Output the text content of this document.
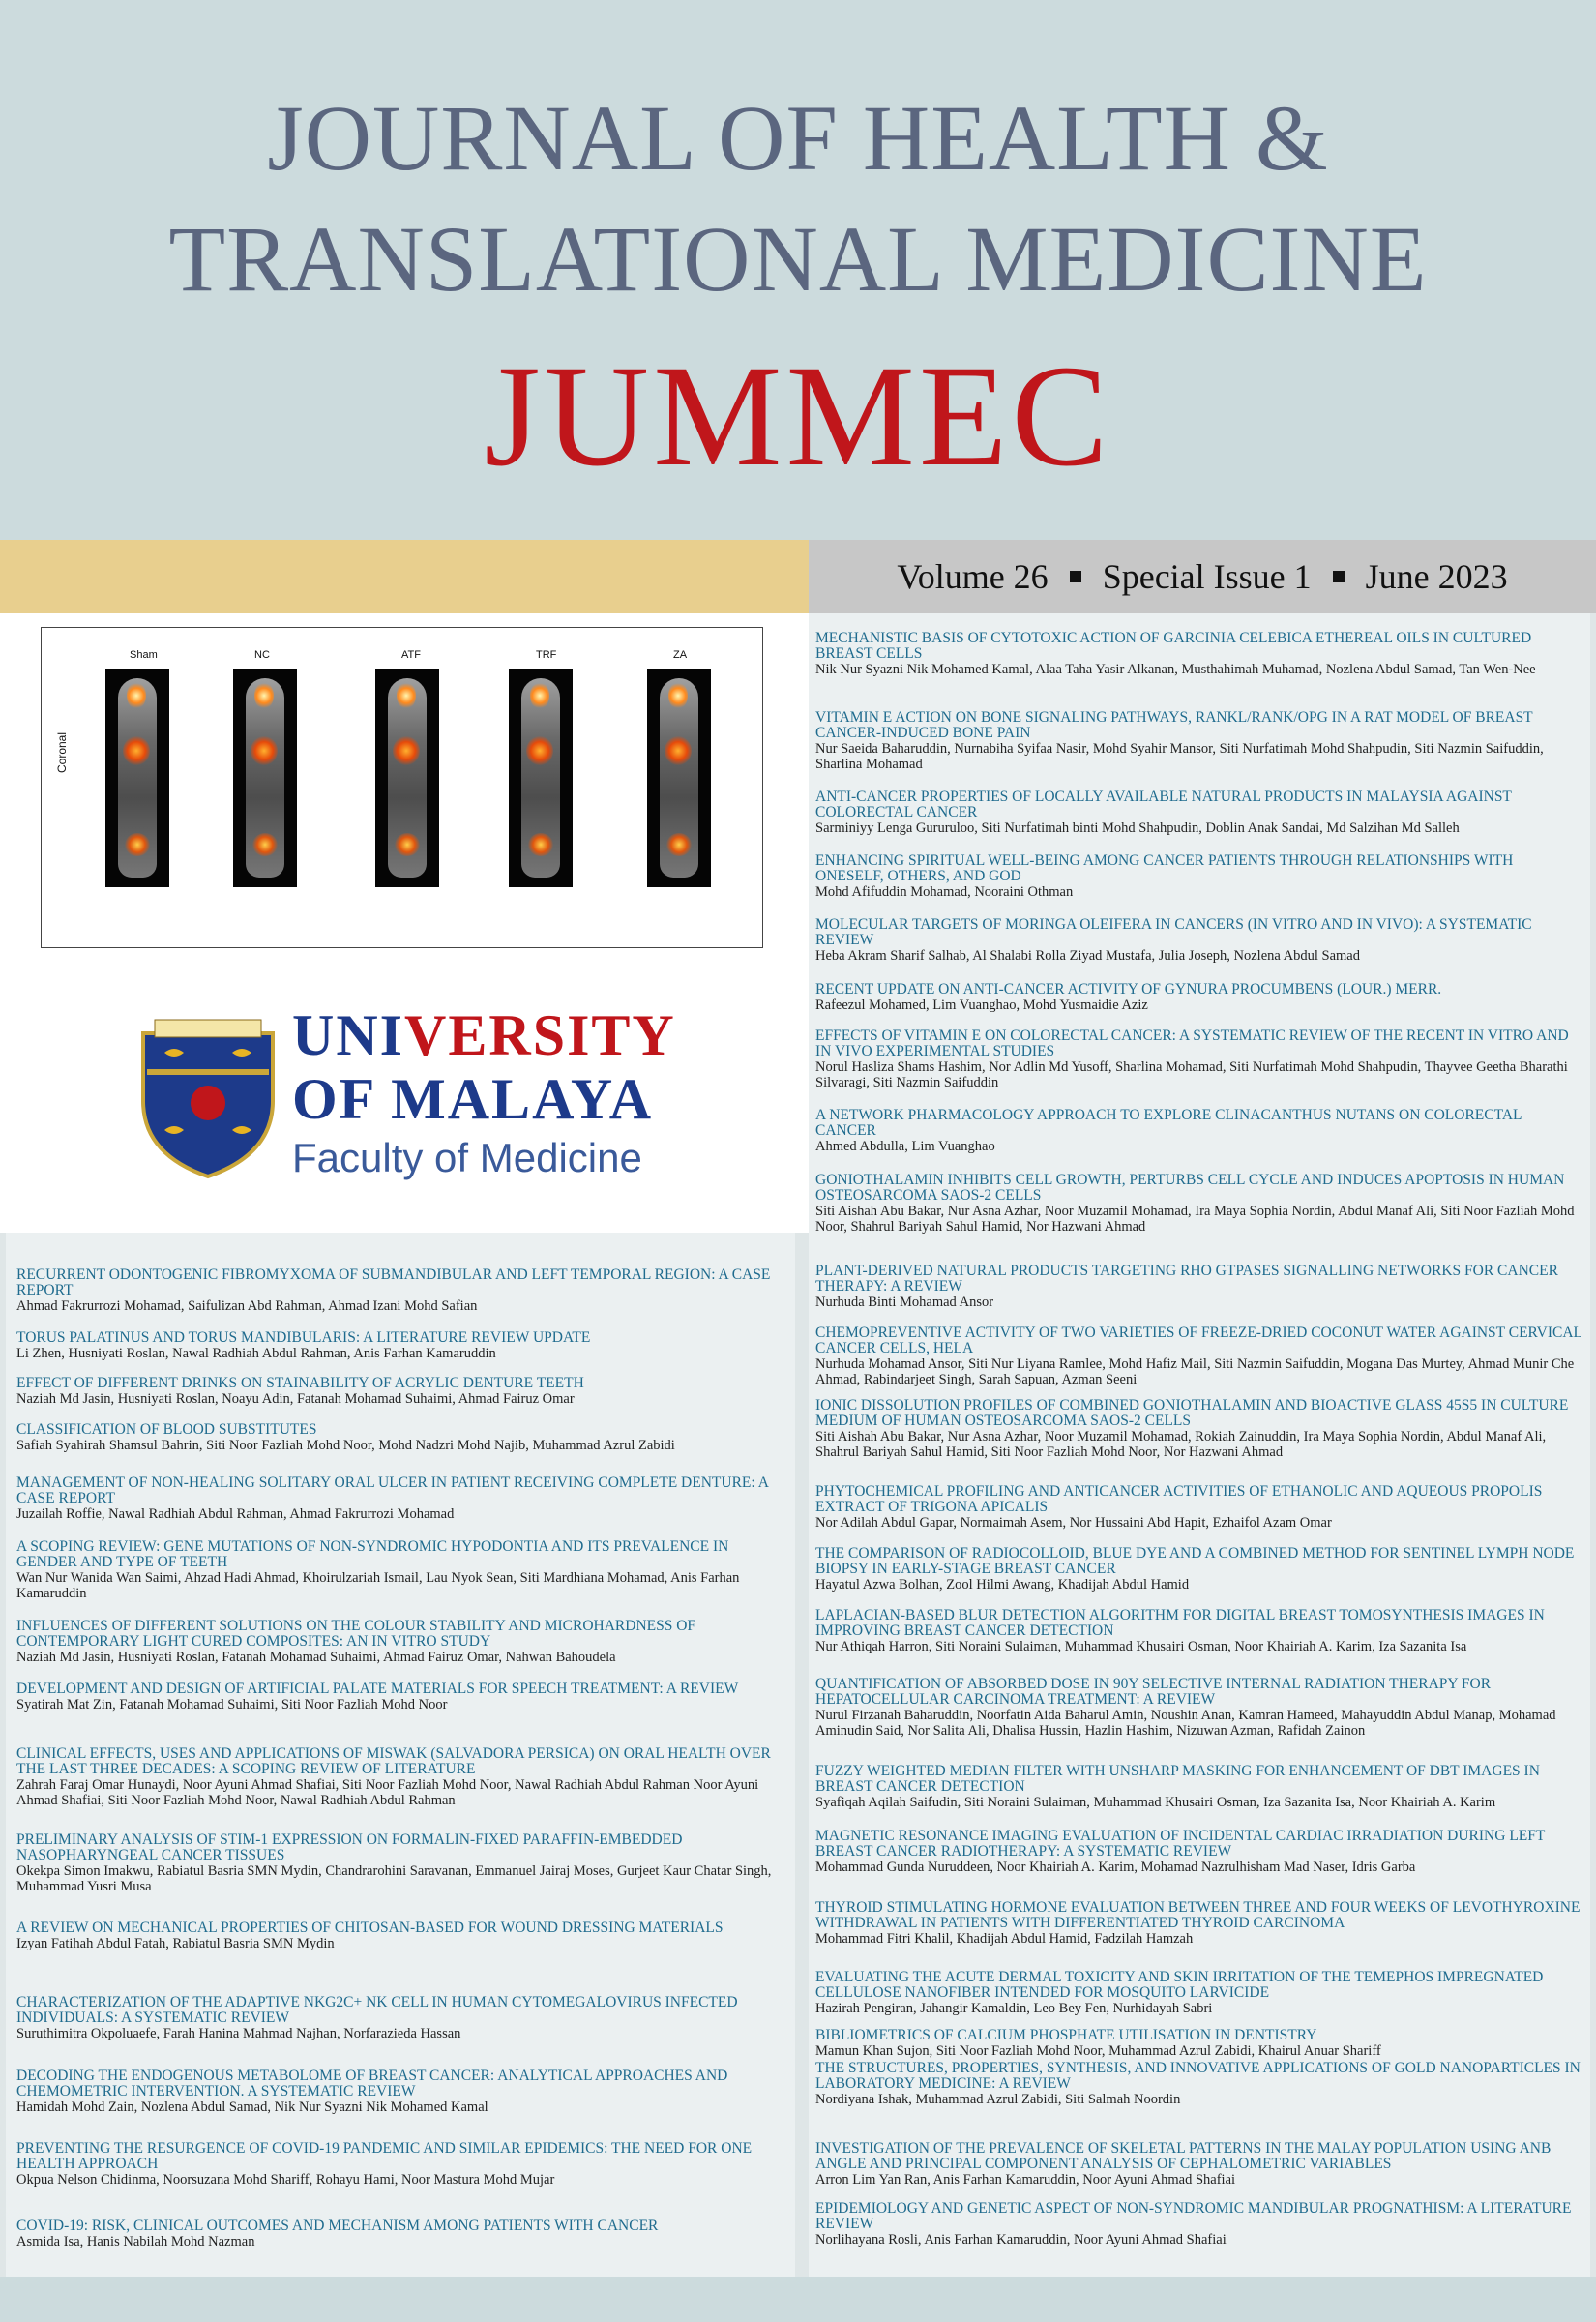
JOURNAL OF HEALTH &
TRANSLATIONAL MEDICINE
JUMMEC
Volume 26 Special Issue 1 June 2023
Coronal
Sham	NC	ATF	TRF	ZA
UNIVERSITY
OF MALAYA
Faculty of Medicine
RECURRENT ODONTOGENIC FIBROMYXOMA OF SUBMANDIBULAR AND LEFT TEMPORAL REGION: A CASE REPORT
Ahmad Fakrurrozi Mohamad, Saifulizan Abd Rahman, Ahmad Izani Mohd Safian
TORUS PALATINUS AND TORUS MANDIBULARIS: A LITERATURE REVIEW UPDATE
Li Zhen, Husniyati Roslan, Nawal Radhiah Abdul Rahman, Anis Farhan Kamaruddin
EFFECT OF DIFFERENT DRINKS ON STAINABILITY OF ACRYLIC DENTURE TEETH
Naziah Md Jasin, Husniyati Roslan, Noayu Adin, Fatanah Mohamad Suhaimi, Ahmad Fairuz Omar
CLASSIFICATION OF BLOOD SUBSTITUTES
Safiah Syahirah Shamsul Bahrin, Siti Noor Fazliah Mohd Noor, Mohd Nadzri Mohd Najib, Muhammad Azrul Zabidi
MANAGEMENT OF NON-HEALING SOLITARY ORAL ULCER IN PATIENT RECEIVING COMPLETE DENTURE: A CASE REPORT
Juzailah Roffie, Nawal Radhiah Abdul Rahman, Ahmad Fakrurrozi Mohamad
A SCOPING REVIEW: GENE MUTATIONS OF NON-SYNDROMIC HYPODONTIA AND ITS PREVALENCE IN GENDER AND TYPE OF TEETH
Wan Nur Wanida Wan Saimi, Ahzad Hadi Ahmad, Khoirulzariah Ismail, Lau Nyok Sean, Siti Mardhiana Mohamad, Anis Farhan Kamaruddin
INFLUENCES OF DIFFERENT SOLUTIONS ON THE COLOUR STABILITY AND MICROHARDNESS OF CONTEMPORARY LIGHT CURED COMPOSITES: AN IN VITRO STUDY
Naziah Md Jasin, Husniyati Roslan, Fatanah Mohamad Suhaimi, Ahmad Fairuz Omar, Nahwan Bahoudela
DEVELOPMENT AND DESIGN OF ARTIFICIAL PALATE MATERIALS FOR SPEECH TREATMENT: A REVIEW
Syatirah Mat Zin, Fatanah Mohamad Suhaimi, Siti Noor Fazliah Mohd Noor
CLINICAL EFFECTS, USES AND APPLICATIONS OF MISWAK (SALVADORA PERSICA) ON ORAL HEALTH OVER THE LAST THREE DECADES: A SCOPING REVIEW OF LITERATURE
Zahrah Faraj Omar Hunaydi, Noor Ayuni Ahmad Shafiai, Siti Noor Fazliah Mohd Noor, Nawal Radhiah Abdul Rahman Noor Ayuni Ahmad Shafiai, Siti Noor Fazliah Mohd Noor, Nawal Radhiah Abdul Rahman
PRELIMINARY ANALYSIS OF STIM-1 EXPRESSION ON FORMALIN-FIXED PARAFFIN-EMBEDDED NASOPHARYNGEAL CANCER TISSUES
Okekpa Simon Imakwu, Rabiatul Basria SMN Mydin, Chandrarohini Saravanan, Emmanuel Jairaj Moses, Gurjeet Kaur Chatar Singh, Muhammad Yusri Musa
A REVIEW ON MECHANICAL PROPERTIES OF CHITOSAN-BASED FOR WOUND DRESSING MATERIALS
Izyan Fatihah Abdul Fatah, Rabiatul Basria SMN Mydin
CHARACTERIZATION OF THE ADAPTIVE NKG2C+ NK CELL IN HUMAN CYTOMEGALOVIRUS INFECTED INDIVIDUALS: A SYSTEMATIC REVIEW
Suruthimitra Okpoluaefe, Farah Hanina Mahmad Najhan, Norfarazieda Hassan
DECODING THE ENDOGENOUS METABOLOME OF BREAST CANCER: ANALYTICAL APPROACHES AND CHEMOMETRIC INTERVENTION. A SYSTEMATIC REVIEW
Hamidah Mohd Zain, Nozlena Abdul Samad, Nik Nur Syazni Nik Mohamed Kamal
PREVENTING THE RESURGENCE OF COVID-19 PANDEMIC AND SIMILAR EPIDEMICS: THE NEED FOR ONE HEALTH APPROACH
Okpua Nelson Chidinma, Noorsuzana Mohd Shariff, Rohayu Hami, Noor Mastura Mohd Mujar
COVID-19: RISK, CLINICAL OUTCOMES AND MECHANISM AMONG PATIENTS WITH CANCER
Asmida Isa, Hanis Nabilah Mohd Nazman
MECHANISTIC BASIS OF CYTOTOXIC ACTION OF GARCINIA CELEBICA ETHEREAL OILS IN CULTURED BREAST CELLS
Nik Nur Syazni Nik Mohamed Kamal, Alaa Taha Yasir Alkanan, Musthahimah Muhamad, Nozlena Abdul Samad, Tan Wen-Nee
VITAMIN E ACTION ON BONE SIGNALING PATHWAYS, RANKL/RANK/OPG IN A RAT MODEL OF BREAST CANCER-INDUCED BONE PAIN
Nur Saeida Baharuddin, Nurnabiha Syifaa Nasir, Mohd Syahir Mansor, Siti Nurfatimah Mohd Shahpudin, Siti Nazmin Saifuddin, Sharlina Mohamad
ANTI-CANCER PROPERTIES OF LOCALLY AVAILABLE NATURAL PRODUCTS IN MALAYSIA AGAINST COLORECTAL CANCER
Sarminiyy Lenga Gururuloo, Siti Nurfatimah binti Mohd Shahpudin, Doblin Anak Sandai, Md Salzihan Md Salleh
ENHANCING SPIRITUAL WELL-BEING AMONG CANCER PATIENTS THROUGH RELATIONSHIPS WITH ONESELF, OTHERS, AND GOD
Mohd Afifuddin Mohamad, Nooraini Othman
MOLECULAR TARGETS OF MORINGA OLEIFERA IN CANCERS (IN VITRO AND IN VIVO): A SYSTEMATIC REVIEW
Heba Akram Sharif Salhab, Al Shalabi Rolla Ziyad Mustafa, Julia Joseph, Nozlena Abdul Samad
RECENT UPDATE ON ANTI-CANCER ACTIVITY OF GYNURA PROCUMBENS (LOUR.) MERR.
Rafeezul Mohamed, Lim Vuanghao, Mohd Yusmaidie Aziz
EFFECTS OF VITAMIN E ON COLORECTAL CANCER: A SYSTEMATIC REVIEW OF THE RECENT IN VITRO AND IN VIVO EXPERIMENTAL STUDIES
Norul Hasliza Shams Hashim, Nor Adlin Md Yusoff, Sharlina Mohamad, Siti Nurfatimah Mohd Shahpudin, Thayvee Geetha Bharathi Silvaragi, Siti Nazmin Saifuddin
A NETWORK PHARMACOLOGY APPROACH TO EXPLORE CLINACANTHUS NUTANS ON COLORECTAL CANCER
Ahmed Abdulla, Lim Vuanghao
GONIOTHALAMIN INHIBITS CELL GROWTH, PERTURBS CELL CYCLE AND INDUCES APOPTOSIS IN HUMAN OSTEOSARCOMA SAOS-2 CELLS
Siti Aishah Abu Bakar, Nur Asna Azhar, Noor Muzamil Mohamad, Ira Maya Sophia Nordin, Abdul Manaf Ali, Siti Noor Fazliah Mohd Noor, Shahrul Bariyah Sahul Hamid, Nor Hazwani Ahmad
PLANT-DERIVED NATURAL PRODUCTS TARGETING RHO GTPASES SIGNALLING NETWORKS FOR CANCER THERAPY: A REVIEW
Nurhuda Binti Mohamad Ansor
CHEMOPREVENTIVE ACTIVITY OF TWO VARIETIES OF FREEZE-DRIED COCONUT WATER AGAINST CERVICAL CANCER CELLS, HELA
Nurhuda Mohamad Ansor, Siti Nur Liyana Ramlee, Mohd Hafiz Mail, Siti Nazmin Saifuddin, Mogana Das Murtey, Ahmad Munir Che Ahmad, Rabindarjeet Singh, Sarah Sapuan, Azman Seeni
IONIC DISSOLUTION PROFILES OF COMBINED GONIOTHALAMIN AND BIOACTIVE GLASS 45S5 IN CULTURE MEDIUM OF HUMAN OSTEOSARCOMA SAOS-2 CELLS
Siti Aishah Abu Bakar, Nur Asna Azhar, Noor Muzamil Mohamad, Rokiah Zainuddin, Ira Maya Sophia Nordin, Abdul Manaf Ali, Shahrul Bariyah Sahul Hamid, Siti Noor Fazliah Mohd Noor, Nor Hazwani Ahmad
PHYTOCHEMICAL PROFILING AND ANTICANCER ACTIVITIES OF ETHANOLIC AND AQUEOUS PROPOLIS EXTRACT OF TRIGONA APICALIS
Nor Adilah Abdul Gapar, Normaimah Asem, Nor Hussaini Abd Hapit, Ezhaifol Azam Omar
THE COMPARISON OF RADIOCOLLOID, BLUE DYE AND A COMBINED METHOD FOR SENTINEL LYMPH NODE BIOPSY IN EARLY-STAGE BREAST CANCER
Hayatul Azwa Bolhan, Zool Hilmi Awang, Khadijah Abdul Hamid
LAPLACIAN-BASED BLUR DETECTION ALGORITHM FOR DIGITAL BREAST TOMOSYNTHESIS IMAGES IN IMPROVING BREAST CANCER DETECTION
Nur Athiqah Harron, Siti Noraini Sulaiman, Muhammad Khusairi Osman, Noor Khairiah A. Karim, Iza Sazanita Isa
QUANTIFICATION OF ABSORBED DOSE IN 90Y SELECTIVE INTERNAL RADIATION THERAPY FOR HEPATOCELLULAR CARCINOMA TREATMENT: A REVIEW
Nurul Firzanah Baharuddin, Noorfatin Aida Baharul Amin, Noushin Anan, Kamran Hameed, Mahayuddin Abdul Manap, Mohamad Aminudin Said, Nor Salita Ali, Dhalisa Hussin, Hazlin Hashim, Nizuwan Azman, Rafidah Zainon
FUZZY WEIGHTED MEDIAN FILTER WITH UNSHARP MASKING FOR ENHANCEMENT OF DBT IMAGES IN BREAST CANCER DETECTION
Syafiqah Aqilah Saifudin, Siti Noraini Sulaiman, Muhammad Khusairi Osman, Iza Sazanita Isa, Noor Khairiah A. Karim
MAGNETIC RESONANCE IMAGING EVALUATION OF INCIDENTAL CARDIAC IRRADIATION DURING LEFT BREAST CANCER RADIOTHERAPY: A SYSTEMATIC REVIEW
Mohammad Gunda Nuruddeen, Noor Khairiah A. Karim, Mohamad Nazrulhisham Mad Naser, Idris Garba
THYROID STIMULATING HORMONE EVALUATION BETWEEN THREE AND FOUR WEEKS OF LEVOTHYROXINE WITHDRAWAL IN PATIENTS WITH DIFFERENTIATED THYROID CARCINOMA
Mohammad Fitri Khalil, Khadijah Abdul Hamid, Fadzilah Hamzah
EVALUATING THE ACUTE DERMAL TOXICITY AND SKIN IRRITATION OF THE TEMEPHOS IMPREGNATED CELLULOSE NANOFIBER INTENDED FOR MOSQUITO LARVICIDE
Hazirah Pengiran, Jahangir Kamaldin, Leo Bey Fen, Nurhidayah Sabri
BIBLIOMETRICS OF CALCIUM PHOSPHATE UTILISATION IN DENTISTRY
Mamun Khan Sujon, Siti Noor Fazliah Mohd Noor, Muhammad Azrul Zabidi, Khairul Anuar Shariff
THE STRUCTURES, PROPERTIES, SYNTHESIS, AND INNOVATIVE APPLICATIONS OF GOLD NANOPARTICLES IN LABORATORY MEDICINE: A REVIEW
Nordiyana Ishak, Muhammad Azrul Zabidi, Siti Salmah Noordin
INVESTIGATION OF THE PREVALENCE OF SKELETAL PATTERNS IN THE MALAY POPULATION USING ANB ANGLE AND PRINCIPAL COMPONENT ANALYSIS OF CEPHALOMETRIC VARIABLES
Arron Lim Yan Ran, Anis Farhan Kamaruddin, Noor Ayuni Ahmad Shafiai
EPIDEMIOLOGY AND GENETIC ASPECT OF NON-SYNDROMIC MANDIBULAR PROGNATHISM: A LITERATURE REVIEW
Norlihayana Rosli, Anis Farhan Kamaruddin, Noor Ayuni Ahmad Shafiai
